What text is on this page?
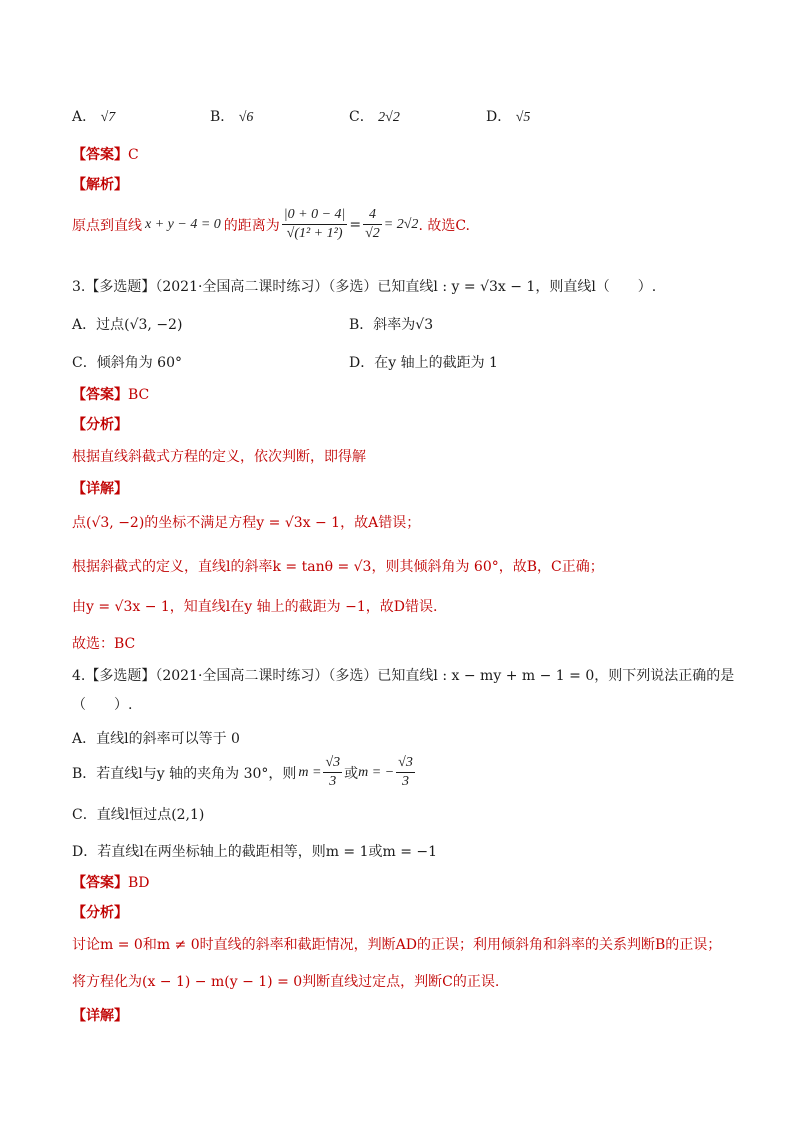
A． √7	B． √6	C． 2√2	D． √5
【答案】C
【解析】
原点到直线 x + y − 4 = 0 的距离为 $\frac{|0 + 0 - 4|}{\text{√(1² + 1²)}} = \frac{4}{√2} = 2√2$ . 故选C.
3.【多选题】（2021·全国高二课时练习）（多选）已知直线l : y = √3x − 1，则直线l（　　）.
A．过点(√3, −2)	B．斜率为√3
C．倾斜角为 60°	D．在y 轴上的截距为 1
【答案】BC
【分析】
根据直线斜截式方程的定义，依次判断，即得解
【详解】
点(√3, −2)的坐标不满足方程y = √3x − 1，故A错误；
根据斜截式的定义，直线l的斜率k = tanθ = √3，则其倾斜角为 60°，故B，C正确；
由y = √3x − 1，知直线l在y 轴上的截距为 −1，故D错误.
故选：BC
4.【多选题】（2021·全国高二课时练习）（多选）已知直线l : x − my + m − 1 = 0，则下列说法正确的是
（　　）.
A．直线l的斜率可以等于 0
B．若直线l与y 轴的夹角为 30°，则 $m = \frac{√3}{3}$ 或 m = − $\frac{√3}{3}$
C．直线l恒过点(2,1)
D．若直线l在两坐标轴上的截距相等，则m = 1或m = −1
【答案】BD
【分析】
讨论m = 0和m ≠ 0时直线的斜率和截距情况，判断AD的正误；利用倾斜角和斜率的关系判断B的正误；
将方程化为(x − 1) − m(y − 1) = 0判断直线过定点，判断C的正误.
【详解】
